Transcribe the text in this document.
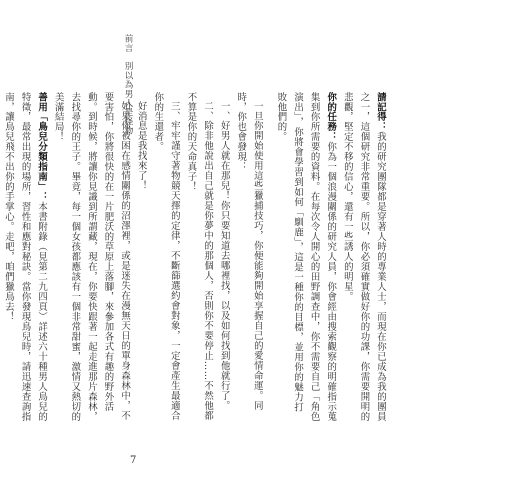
前言　別以為男人是怪物	請記得：我的研究團隊都是穿著人時的專業人士，而現在你已成為我的團員之一，這個研究非常重要。所以，你必須確實做好你的功課，你需要開明的悲觀，堅定不移的信心，還有一些誘人的明星。

你的任務：你為一個浪漫關係的研究人員，你會經由搜索觀察的明確指示蒐集到你所需要的資料。在每次令人開心的田野調查中，你不需要自己「角色演出」，你將會學習到如何「馴鹿」，這是一種你的目標，並用你的魅力打敗他們的。

一旦你開始使用這些獵捕技巧，你便能夠開始享握自己的愛情命運。同時，你也會發現：

一、好男人就在那兒！你只要知道去哪裡找，以及如何找到他就行了。

二、除非他說出自己就是你夢中的那個人，否則你不要停止……不然他都不算是你的天命真子！

三、牢牢謹守著物競天擇的定律，不斷篩選約會對象，一定會產生最適合你的生還者。

好消息是我找來了！

如果你被困在感情關係的沼澤裡，或是迷失在漫無天日的單身森林中，不要害怕，你將很快的在一片肥沃的草原上落腳，來參加各式有趣的野外活動。到時候，將讓你見識到所謂藏，現在，你要快跟著一起走進那片森林，去找尋你的王子。畢竟，每一個女孩都應該有一個非常甜蜜，激情又熱切的美滿結局！

善用「鳥兒分類指南」：本書附錄（見第二九四頁）詳述六十種男人鳥兒的特徵，最常出現的場所，習性和應對秘訣。當你發現鳥兒時，請迅速查詢指南，讓鳥兒飛不出你的手掌心。走吧，咱們獵鳥去！

7
